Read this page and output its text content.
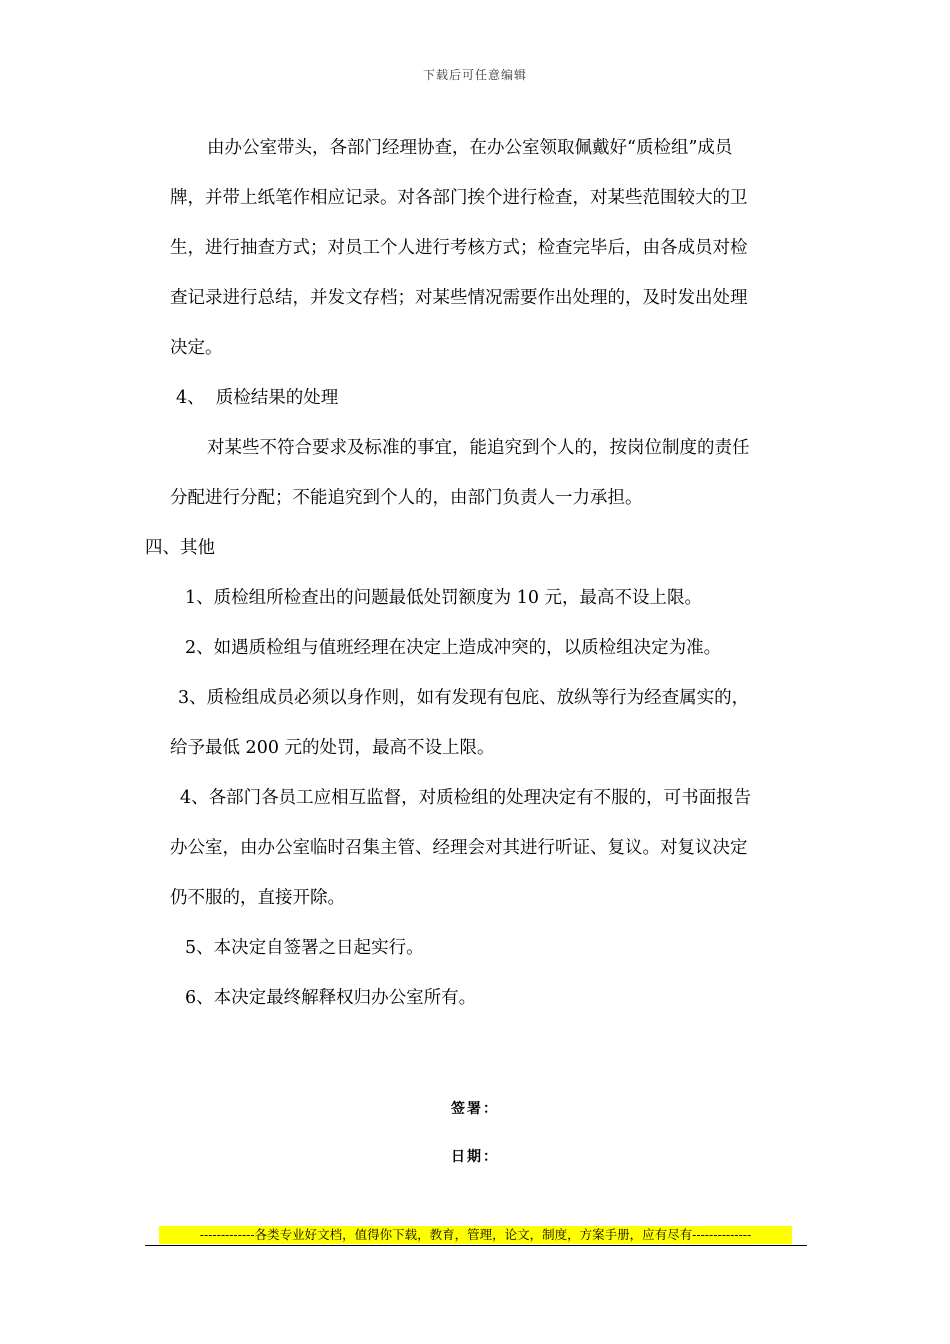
下载后可任意编辑
由办公室带头，各部门经理协查，在办公室领取佩戴好“质检组”成员
牌，并带上纸笔作相应记录。对各部门挨个进行检查，对某些范围较大的卫
生，进行抽查方式；对员工个人进行考核方式；检查完毕后，由各成员对检
查记录进行总结，并发文存档；对某些情况需要作出处理的，及时发出处理
决定。
4、  质检结果的处理
对某些不符合要求及标准的事宜，能追究到个人的，按岗位制度的责任
分配进行分配；不能追究到个人的，由部门负责人一力承担。
四、其他
1、质检组所检查出的问题最低处罚额度为 10 元，最高不设上限。
2、如遇质检组与值班经理在决定上造成冲突的，以质检组决定为准。
3、质检组成员必须以身作则，如有发现有包庇、放纵等行为经查属实的，
给予最低 200 元的处罚，最高不设上限。
4、各部门各员工应相互监督，对质检组的处理决定有不服的，可书面报告
办公室，由办公室临时召集主管、经理会对其进行听证、复议。对复议决定
仍不服的，直接开除。
5、本决定自签署之日起实行。
6、本决定最终解释权归办公室所有。
签署：
日期：
-------------各类专业好文档，值得你下载，教育，管理，论文，制度，方案手册，应有尽有--------------
